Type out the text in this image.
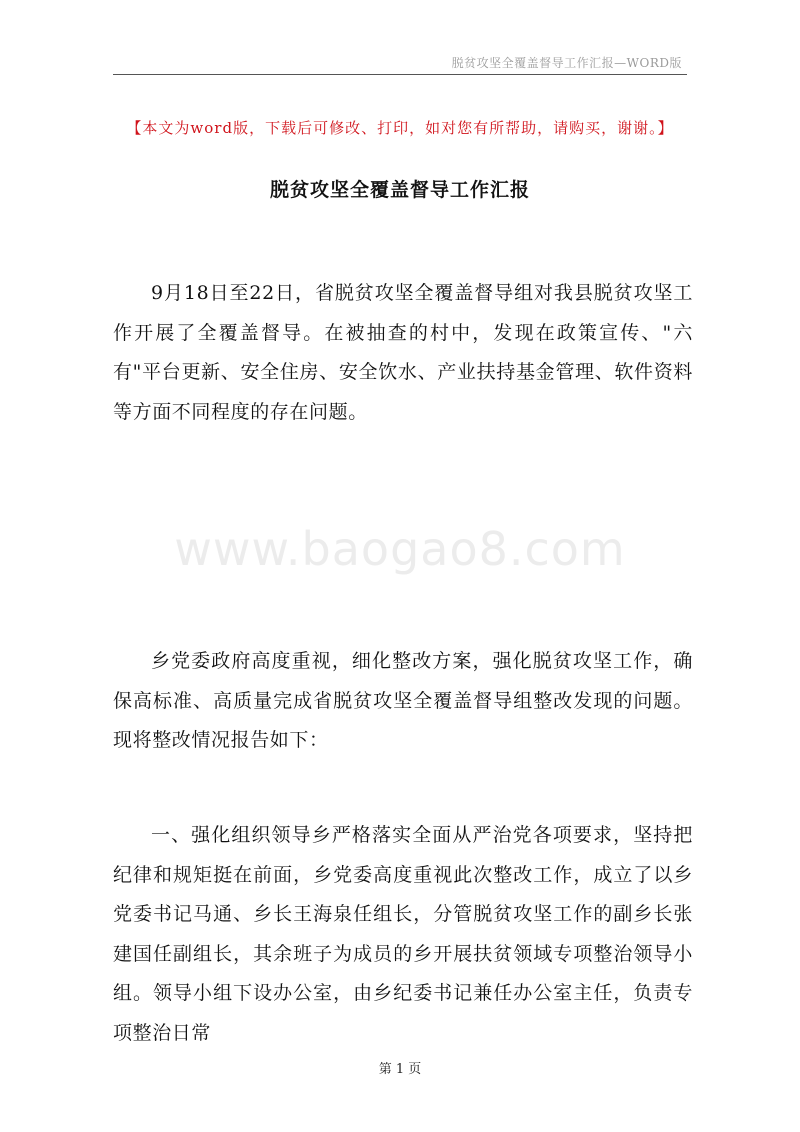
脱贫攻坚全覆盖督导工作汇报—WORD版
【本文为word版，下载后可修改、打印，如对您有所帮助，请购买，谢谢。】
脱贫攻坚全覆盖督导工作汇报
9月18日至22日，省脱贫攻坚全覆盖督导组对我县脱贫攻坚工作开展了全覆盖督导。在被抽查的村中，发现在政策宣传、"六有"平台更新、安全住房、安全饮水、产业扶持基金管理、软件资料等方面不同程度的存在问题。
www.baogao8.com
乡党委政府高度重视，细化整改方案，强化脱贫攻坚工作，确保高标准、高质量完成省脱贫攻坚全覆盖督导组整改发现的问题。现将整改情况报告如下：
一、强化组织领导乡严格落实全面从严治党各项要求，坚持把纪律和规矩挺在前面，乡党委高度重视此次整改工作，成立了以乡党委书记马通、乡长王海泉任组长，分管脱贫攻坚工作的副乡长张建国任副组长，其余班子为成员的乡开展扶贫领域专项整治领导小组。领导小组下设办公室，由乡纪委书记兼任办公室主任，负责专项整治日常
第 1 页
